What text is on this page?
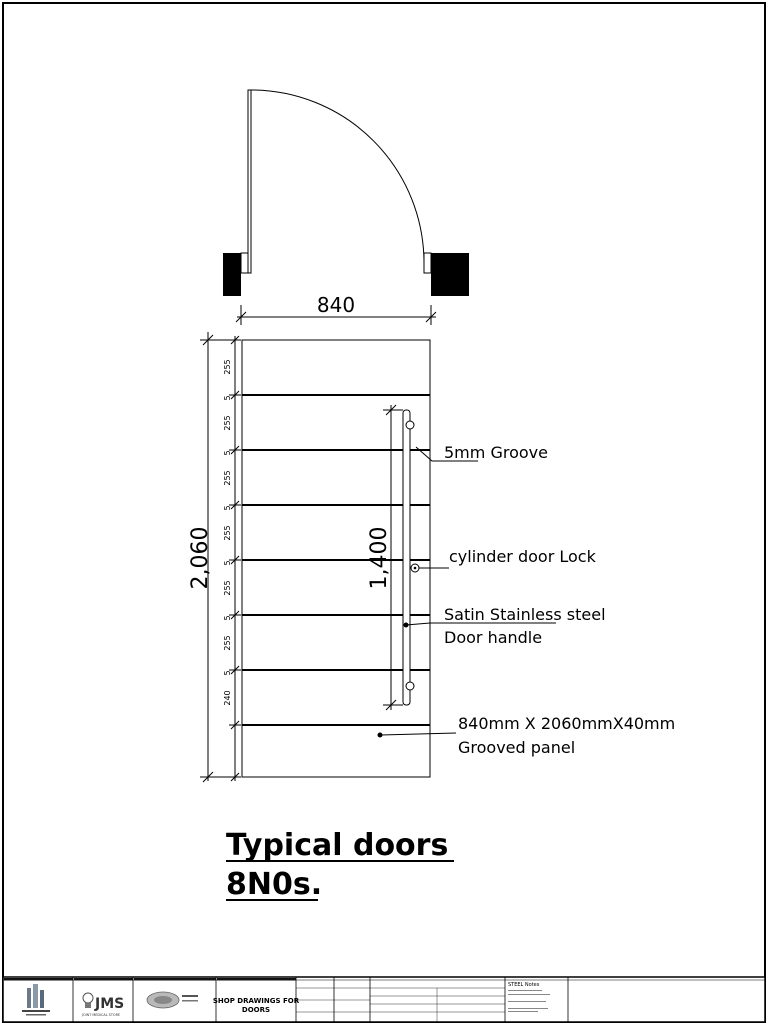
840
2,060
255
5
255
5
255
5
255
5
255
5
255
5
240
1,400
5mm Groove
cylinder door Lock
Satin Stainless steel
Door handle
840mm X 2060mmX40mm
Grooved panel
Typical doors
8N0s.
JMS
JOINT MEDICAL STORE
SHOP DRAWINGS FOR
DOORS
STEEL Notes
